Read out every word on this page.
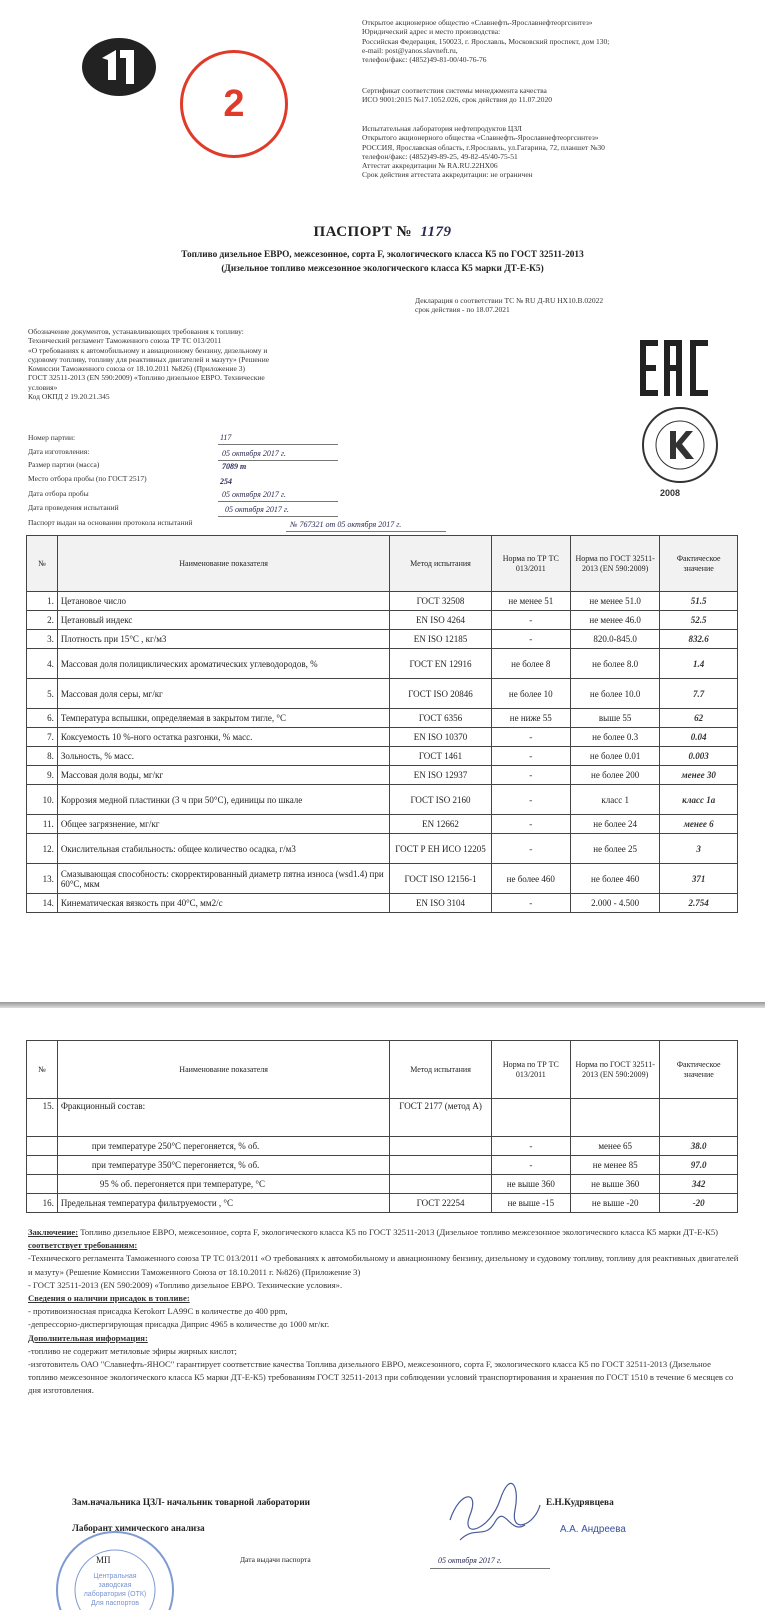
2
Открытое акционерное общество «Славнефть-Ярославнефтеоргсинтез»
Юридический адрес и место производства:
Российская Федерация, 150023, г. Ярославль, Московский проспект, дом 130;
e-mail: post@yanos.slavneft.ru,
телефон/факс: (4852)49-81-00/40-76-76
Сертификат соответствия системы менеджмента качества
ИСО 9001:2015 №17.1052.026, срок действия до 11.07.2020
Испытательная лаборатория нефтепродуктов ЦЗЛ
Открытого акционерного общества «Славнефть-Ярославнефтеоргсинтез»
РОССИЯ, Ярославская область, г.Ярославль, ул.Гагарина, 72, планшет №30
телефон/факс: (4852)49-89-25, 49-82-45/40-75-51
Аттестат аккредитации № RA.RU.22НХ06
Срок действия аттестата аккредитации: не ограничен
ПАСПОРТ № 1179
Топливо дизельное ЕВРО, межсезонное, сорта F, экологического класса К5 по ГОСТ 32511-2013
(Дизельное топливо межсезонное экологического класса К5 марки ДТ-Е-К5)
Декларация о соответствии ТС № RU Д-RU НХ10.В.02022
срок действия - по 18.07.2021
Обозначение документов, устанавливающих требования к топливу:
Технический регламент Таможенного союза ТР ТС 013/2011
«О требованиях к автомобильному и авиационному бензину, дизельному и
судовому топливу, топливу для реактивных двигателей и мазуту» (Решение
Комиссии Таможенного союза от 18.10.2011 №826) (Приложение 3)
ГОСТ 32511-2013 (EN 590:2009) «Топливо дизельное ЕВРО. Технические
условия»
Код ОКПД 2 19.20.21.345
2008
Номер партии:	117
Дата изготовления:	05 октября 2017 г.
Размер партии (масса)	7089 т
Место отбора пробы (по ГОСТ 2517)	254
Дата отбора пробы	05 октября 2017 г.
Дата проведения испытаний	05 октября 2017 г.
Паспорт выдан на основании протокола испытаний	№ 767321 от 05 октября 2017 г.
№	Наименование показателя	Метод испытания	Норма по ТР ТС 013/2011	Норма по ГОСТ 32511-2013 (EN 590:2009)	Фактическое значение
1.	Цетановое число	ГОСТ 32508	не менее 51	не менее 51.0	51.5
2.	Цетановый индекс	EN ISO 4264	-	не менее 46.0	52.5
3.	Плотность при 15°С , кг/м3	EN ISO 12185	-	820.0-845.0	832.6
4.	Массовая доля полициклических ароматических углеводородов, %	ГОСТ EN 12916	не более 8	не более 8.0	1.4
5.	Массовая доля серы, мг/кг	ГОСТ ISO 20846	не более 10	не более 10.0	7.7
6.	Температура вспышки, определяемая в закрытом тигле, °С	ГОСТ 6356	не ниже 55	выше 55	62
7.	Коксуемость 10 %-ного остатка разгонки, % масс.	EN ISO 10370	-	не более 0.3	0.04
8.	Зольность, % масс.	ГОСТ 1461	-	не более 0.01	0.003
9.	Массовая доля воды, мг/кг	EN ISO 12937	-	не более 200	менее 30
10.	Коррозия медной пластинки (3 ч при 50°С), единицы по шкале	ГОСТ ISO 2160	-	класс 1	класс 1а
11.	Общее загрязнение, мг/кг	EN 12662	-	не более 24	менее 6
12.	Окислительная стабильность: общее количество осадка, г/м3	ГОСТ Р ЕН ИСО 12205	-	не более 25	3
13.	Смазывающая способность: скорректированный диаметр пятна износа (wsd1.4) при 60°С, мкм	ГОСТ ISO 12156-1	не более 460	не более 460	371
14.	Кинематическая вязкость при 40°С, мм2/с	EN ISO 3104	-	2.000 - 4.500	2.754
№	Наименование показателя	Метод испытания	Норма по ТР ТС 013/2011	Норма по ГОСТ 32511-2013 (EN 590:2009)	Фактическое значение
15.	Фракционный состав:	ГОСТ 2177 (метод А)			
	при температуре 250°С перегоняется, % об.		-	менее 65	38.0
	при температуре 350°С перегоняется, % об.		-	не менее 85	97.0
	95 % об. перегоняется при температуре, °С		не выше 360	не выше 360	342
16.	Предельная температура фильтруемости , °С	ГОСТ 22254	не выше -15	не выше -20	-20
Заключение: Топливо дизельное ЕВРО, межсезонное, сорта F, экологического класса К5 по ГОСТ 32511-2013 (Дизельное топливо межсезонное экологического класса К5 марки ДТ-Е-К5) соответствует требованиям:
-Технического регламента Таможенного союза ТР ТС 013/2011 «О требованиях к автомобильному и авиационному бензину, дизельному и судовому топливу, топливу для реактивных двигателей и мазуту» (Решение Комиссии Таможенного Союза от 18.10.2011 г. №826) (Приложение 3)
- ГОСТ 32511-2013 (EN 590:2009) «Топливо дизельное ЕВРО. Технические условия».
Сведения о наличии присадок в топливе:
- противоизносная присадка Kerokorr LA99C в количестве до 400 ppm,
-депрессорно-диспергирующая присадка Диприс 4965 в количестве до 1000 мг/кг.
Дополнительная информация:
-топливо не содержит метиловые эфиры жирных кислот;
-изготовитель ОАО "Славнефть-ЯНОС" гарантирует соответствие качества Топлива дизельного ЕВРО, межсезонного, сорта F, экологического класса К5 по ГОСТ 32511-2013 (Дизельное топливо межсезонное экологического класса К5 марки ДТ-Е-К5) требованиям ГОСТ 32511-2013 при соблюдении условий транспортирования и хранения по ГОСТ 1510 в течение 6 месяцев со дня изготовления.
Центральная
заводская
лаборатория (ОТК)
Для паспортов
Зам.начальника ЦЗЛ- начальник товарной лаборатории	Е.Н.Кудрявцева
Лаборант химического анализа	А.А. Андреева
МП	Дата выдачи паспорта	05 октября 2017 г.
